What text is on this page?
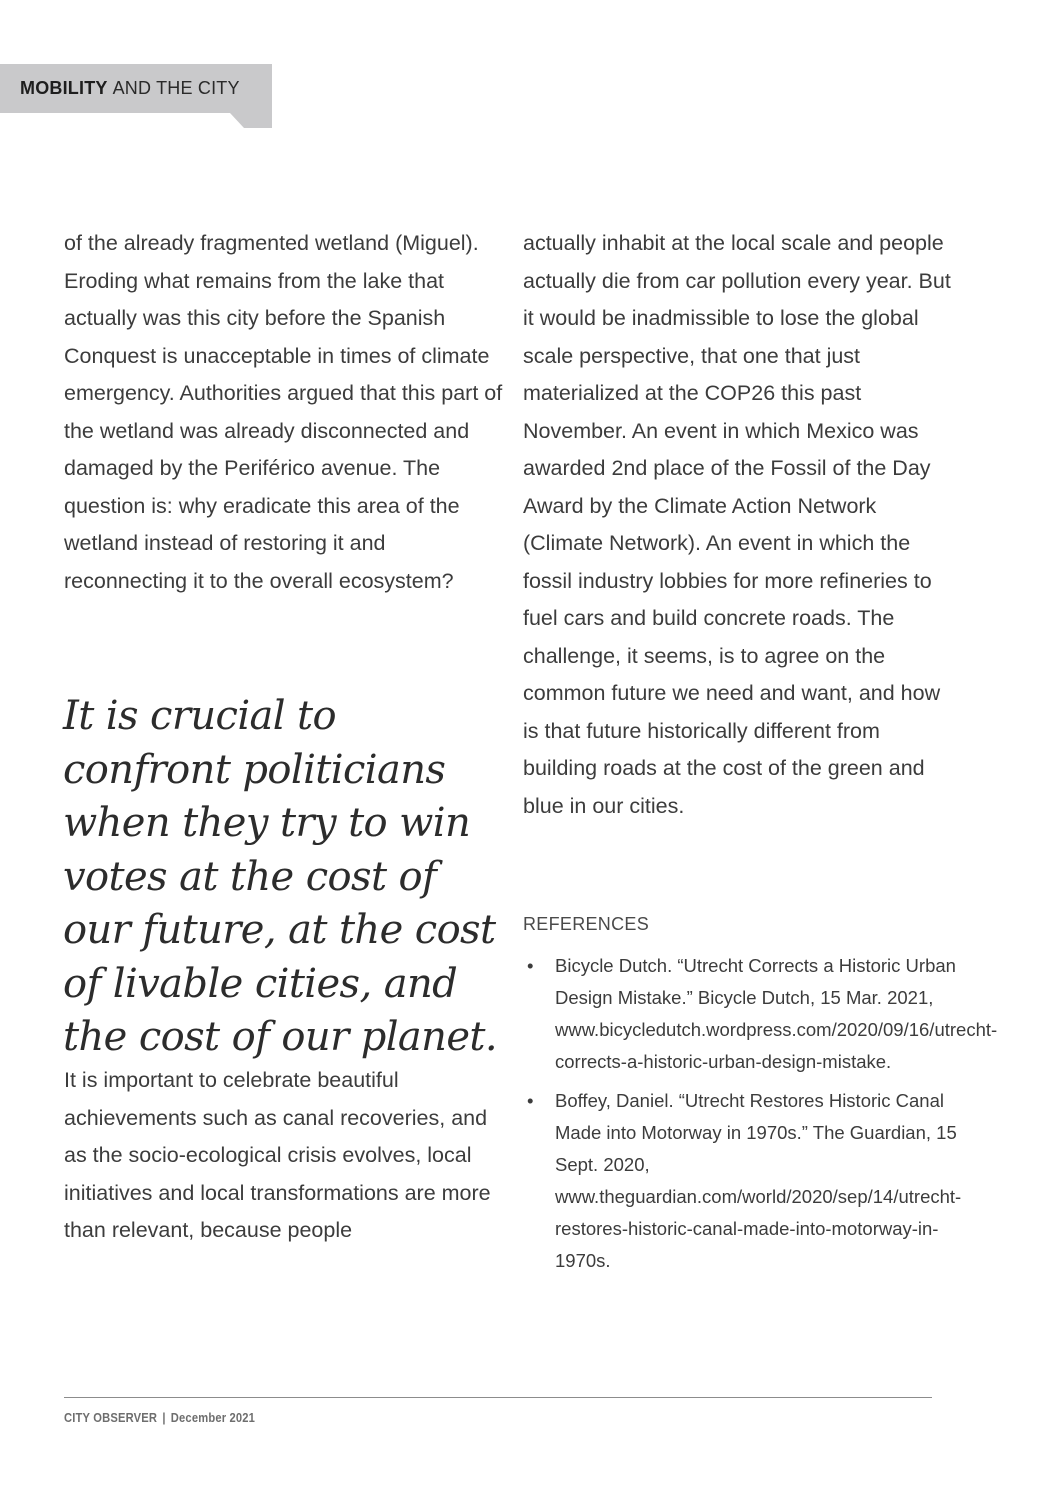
MOBILITY AND THE CITY

of the already fragmented wetland (Miguel). Eroding what remains from the lake that actually was this city before the Spanish Conquest is unacceptable in times of climate emergency. Authorities argued that this part of the wetland was already disconnected and damaged by the Periférico avenue. The question is: why eradicate this area of the wetland instead of restoring it and reconnecting it to the overall ecosystem?

It is crucial to confront politicians when they try to win votes at the cost of our future, at the cost of livable cities, and the cost of our planet.

It is important to celebrate beautiful achievements such as canal recoveries, and as the socio-ecological crisis evolves, local initiatives and local transformations are more than relevant, because people

actually inhabit at the local scale and people actually die from car pollution every year. But it would be inadmissible to lose the global scale perspective, that one that just materialized at the COP26 this past November. An event in which Mexico was awarded 2nd place of the Fossil of the Day Award by the Climate Action Network (Climate Network). An event in which the fossil industry lobbies for more refineries to fuel cars and build concrete roads. The challenge, it seems, is to agree on the common future we need and want, and how is that future historically different from building roads at the cost of the green and blue in our cities.

REFERENCES
• Bicycle Dutch. “Utrecht Corrects a Historic Urban Design Mistake.” Bicycle Dutch, 15 Mar. 2021, www.bicycledutch.wordpress.com/2020/09/16/utrecht-corrects-a-historic-urban-design-mistake.
• Boffey, Daniel. “Utrecht Restores Historic Canal Made into Motorway in 1970s.” The Guardian, 15 Sept. 2020, www.theguardian.com/world/2020/sep/14/utrecht-restores-historic-canal-made-into-motorway-in-1970s.
CITY OBSERVER | December 2021
